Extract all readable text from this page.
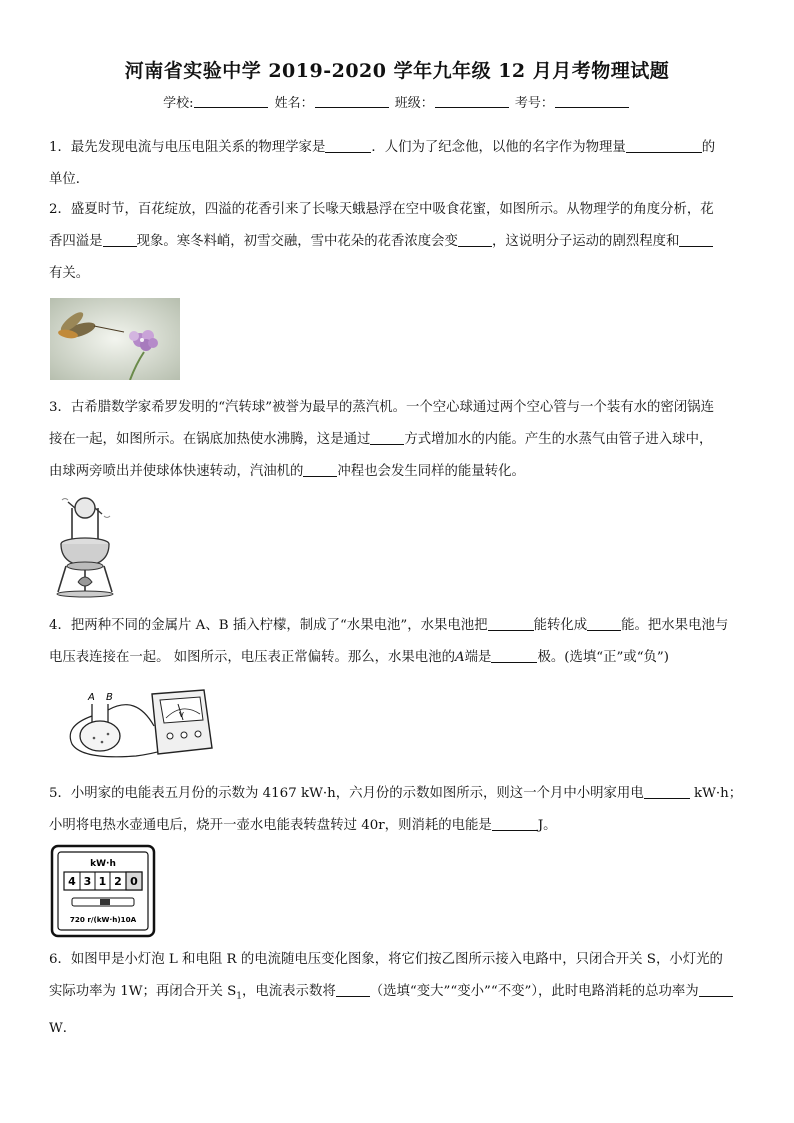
河南省实验中学 2019-2020 学年九年级 12 月月考物理试题
学校:	姓名：	班级：	考号：
1．最先发现电流与电压电阻关系的物理学家是	．人们为了纪念他，以他的名字作为物理量	的
单位．
2．盛夏时节，百花绽放，四溢的花香引来了长喙天蛾悬浮在空中吸食花蜜，如图所示。从物理学的角度分析，花
香四溢是	现象。寒冬料峭，初雪交融，雪中花朵的花香浓度会变	，这说明分子运动的剧烈程度和
有关。
3．古希腊数学家希罗发明的“汽转球”被誉为最早的蒸汽机。一个空心球通过两个空心管与一个装有水的密闭锅连
接在一起，如图所示。在锅底加热使水沸腾，这是通过	方式增加水的内能。产生的水蒸气由管子进入球中，
由球两旁喷出并使球体快速转动，汽油机的	冲程也会发生同样的能量转化。
4．把两种不同的金属片 A、B 插入柠檬，制成了“水果电池”，水果电池把	能转化成	能。把水果电池与
电压表连接在一起。 如图所示，电压表正常偏转。那么，水果电池的A端是	极。(选填“正”或“负”)
A B
V
5．小明家的电能表五月份的示数为 4167 kW·h，六月份的示数如图所示，则这一个月中小明家用电	kW·h；
小明将电热水壶通电后，烧开一壶水电能表转盘转过 40r，则消耗的电能是	J。
kW·h
4 3 1 2 0
720 r/(kW·h)10A
6．如图甲是小灯泡 L 和电阻 R 的电流随电压变化图象，将它们按乙图所示接入电路中，只闭合开关 S，小灯光的
实际功率为 1W；再闭合开关 $S_1$，电流表示数将	（选填“变大”“变小”“不变”），此时电路消耗的总功率为
W．
